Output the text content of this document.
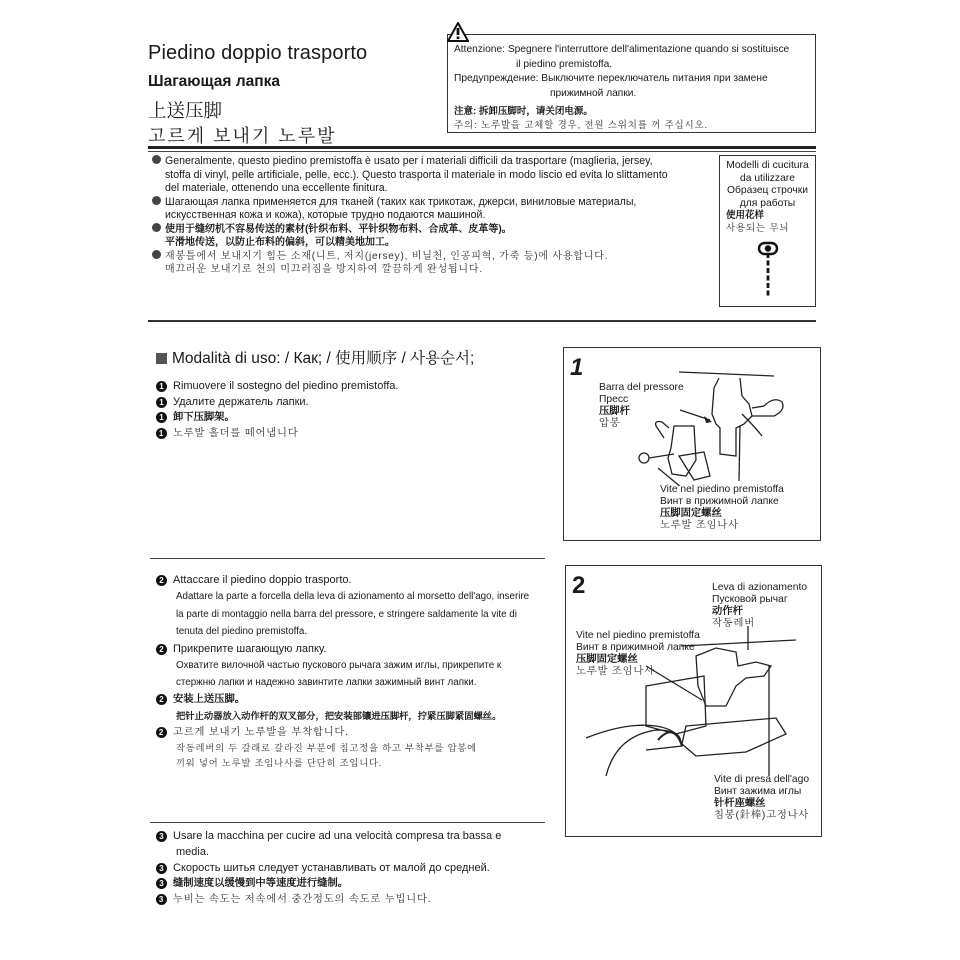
Piedino doppio trasporto
Шагающая лапка
上送压脚
고르게 보내기 노루발
Attenzione: Spegnere l'interruttore dell'alimentazione quando si sostituisce
il piedino premistoffa.
Предупреждение: Выключите переключатель питания при замене
прижимной лапки.
注意: 拆卸压脚时，请关闭电源。
주의: 노루발을 고체할 경우, 전원 스위치를 꺼 주십시오.

Generalmente, questo piedino premistoffa è usato per i materiali difficili da trasportare (maglieria, jersey,

stoffa di vinyl, pelle artificiale, pelle, ecc.). Questo trasporta il materiale in modo liscio ed evita lo slittamento

del materiale, ottenendo una eccellente finitura.

Шагающая лапка применяется для тканей (таких как трикотаж, джерси, виниловые материалы,

искусственная кожа и кожа), которые трудно подаются машиной.

使用于缝纫机不容易传送的素材(针织布料、平针织物布料、合成革、皮革等)。

平滑地传送，以防止布料的偏斜，可以精美地加工。

재봉틀에서 보내지기 힘든 소재(니트, 저지(jersey), 비닐천, 인공피혁, 가죽 등)에 사용합니다.

매끄러운 보내기로 천의 미끄러짐을 방지하여 깔끔하게 완성됩니다.

Modelli di cucitura
da utilizzare
Образец строчки
для работы
使用花样
사용되는 무늬
Modalità di uso: / Как; / 使用顺序 / 사용순서;

1 Rimuovere il sostegno del piedino premistoffa.

1 Удалите держатель лапки.

1 卸下压脚架。

1 노루발 홀더를 떼어냅니다

1
Barra del pressore
Пресс
压脚杆
압봉
Vite nel piedino premistoffa
Винт в прижимной лапке
压脚固定螺丝
노루발 조임나사

2 Attaccare il piedino doppio trasporto.

Adattare la parte a forcella della leva di azionamento al morsetto dell'ago, inserire

la parte di montaggio nella barra del pressore, e stringere saldamente la vite di

tenuta del piedino premistoffa.

2 Прикрепите шагающую лапку.

Охватите вилочной частью пускового рычага зажим иглы, прикрепите к

стержню лапки и надежно завинтите лапки зажимный винт лапки.

2 安装上送压脚。

把针止动器放入动作杆的双叉部分，把安装部镶进压脚杆，拧紧压脚紧固螺丝。

2 고르게 보내기 노루발을 부착합니다.

작동레버의 두 갈래로 갈라진 부분에 침고정을 하고 부착부를 압봉에

끼워 넣어 노루발 조임나사를 단단히 조입니다.

2	Leva di azionamento
Пусковой рычаг
动作杆
작동레버
Vite nel piedino premistoffa
Винт в прижимной лапке
压脚固定螺丝
노루발 조임나사
Vite di presa dell'ago
Винт зажима иглы
针杆座螺丝
침봉(針棒)고정나사

3 Usare la macchina per cucire ad una velocità compresa tra bassa e

media.

3 Скорость шитья следует устанавливать от малой до средней.

3 缝制速度以缓慢到中等速度进行缝制。

3 누비는 속도는 저속에서 중간정도의 속도로 누빕니다.
